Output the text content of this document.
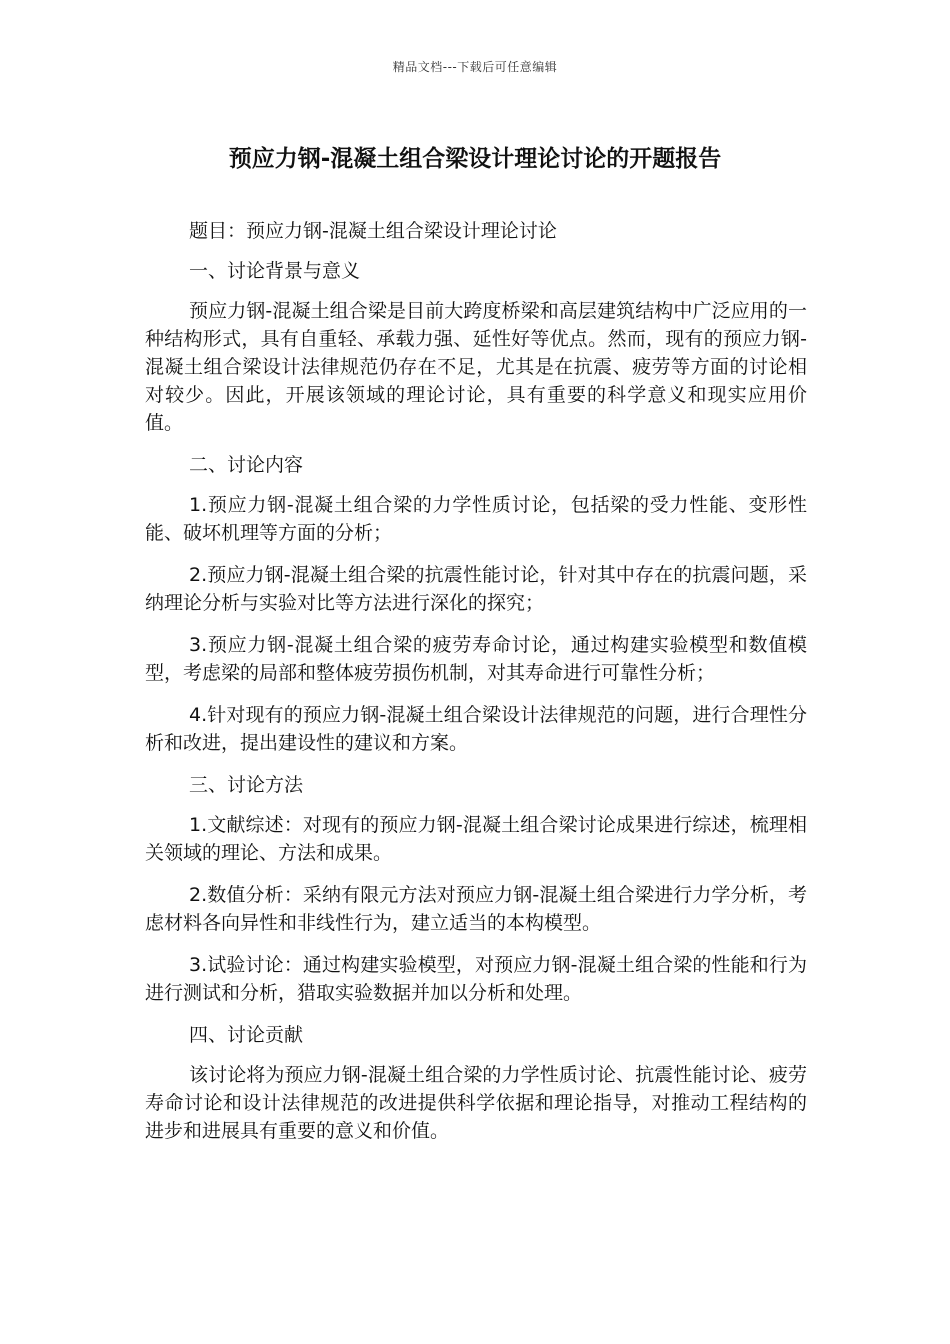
精品文档---下载后可任意编辑
预应力钢-混凝土组合梁设计理论讨论的开题报告

题目：预应力钢-混凝土组合梁设计理论讨论

一、讨论背景与意义

预应力钢-混凝土组合梁是目前大跨度桥梁和高层建筑结构中广泛应用的一种结构形式，具有自重轻、承载力强、延性好等优点。然而，现有的预应力钢-混凝土组合梁设计法律规范仍存在不足，尤其是在抗震、疲劳等方面的讨论相对较少。因此，开展该领域的理论讨论，具有重要的科学意义和现实应用价值。

二、讨论内容

1.预应力钢-混凝土组合梁的力学性质讨论，包括梁的受力性能、变形性能、破坏机理等方面的分析；

2.预应力钢-混凝土组合梁的抗震性能讨论，针对其中存在的抗震问题，采纳理论分析与实验对比等方法进行深化的探究；

3.预应力钢-混凝土组合梁的疲劳寿命讨论，通过构建实验模型和数值模型，考虑梁的局部和整体疲劳损伤机制，对其寿命进行可靠性分析；

4.针对现有的预应力钢-混凝土组合梁设计法律规范的问题，进行合理性分析和改进，提出建设性的建议和方案。

三、讨论方法

1.文献综述：对现有的预应力钢-混凝土组合梁讨论成果进行综述，梳理相关领域的理论、方法和成果。

2.数值分析：采纳有限元方法对预应力钢-混凝土组合梁进行力学分析，考虑材料各向异性和非线性行为，建立适当的本构模型。

3.试验讨论：通过构建实验模型，对预应力钢-混凝土组合梁的性能和行为进行测试和分析，猎取实验数据并加以分析和处理。

四、讨论贡献

该讨论将为预应力钢-混凝土组合梁的力学性质讨论、抗震性能讨论、疲劳寿命讨论和设计法律规范的改进提供科学依据和理论指导，对推动工程结构的进步和进展具有重要的意义和价值。
